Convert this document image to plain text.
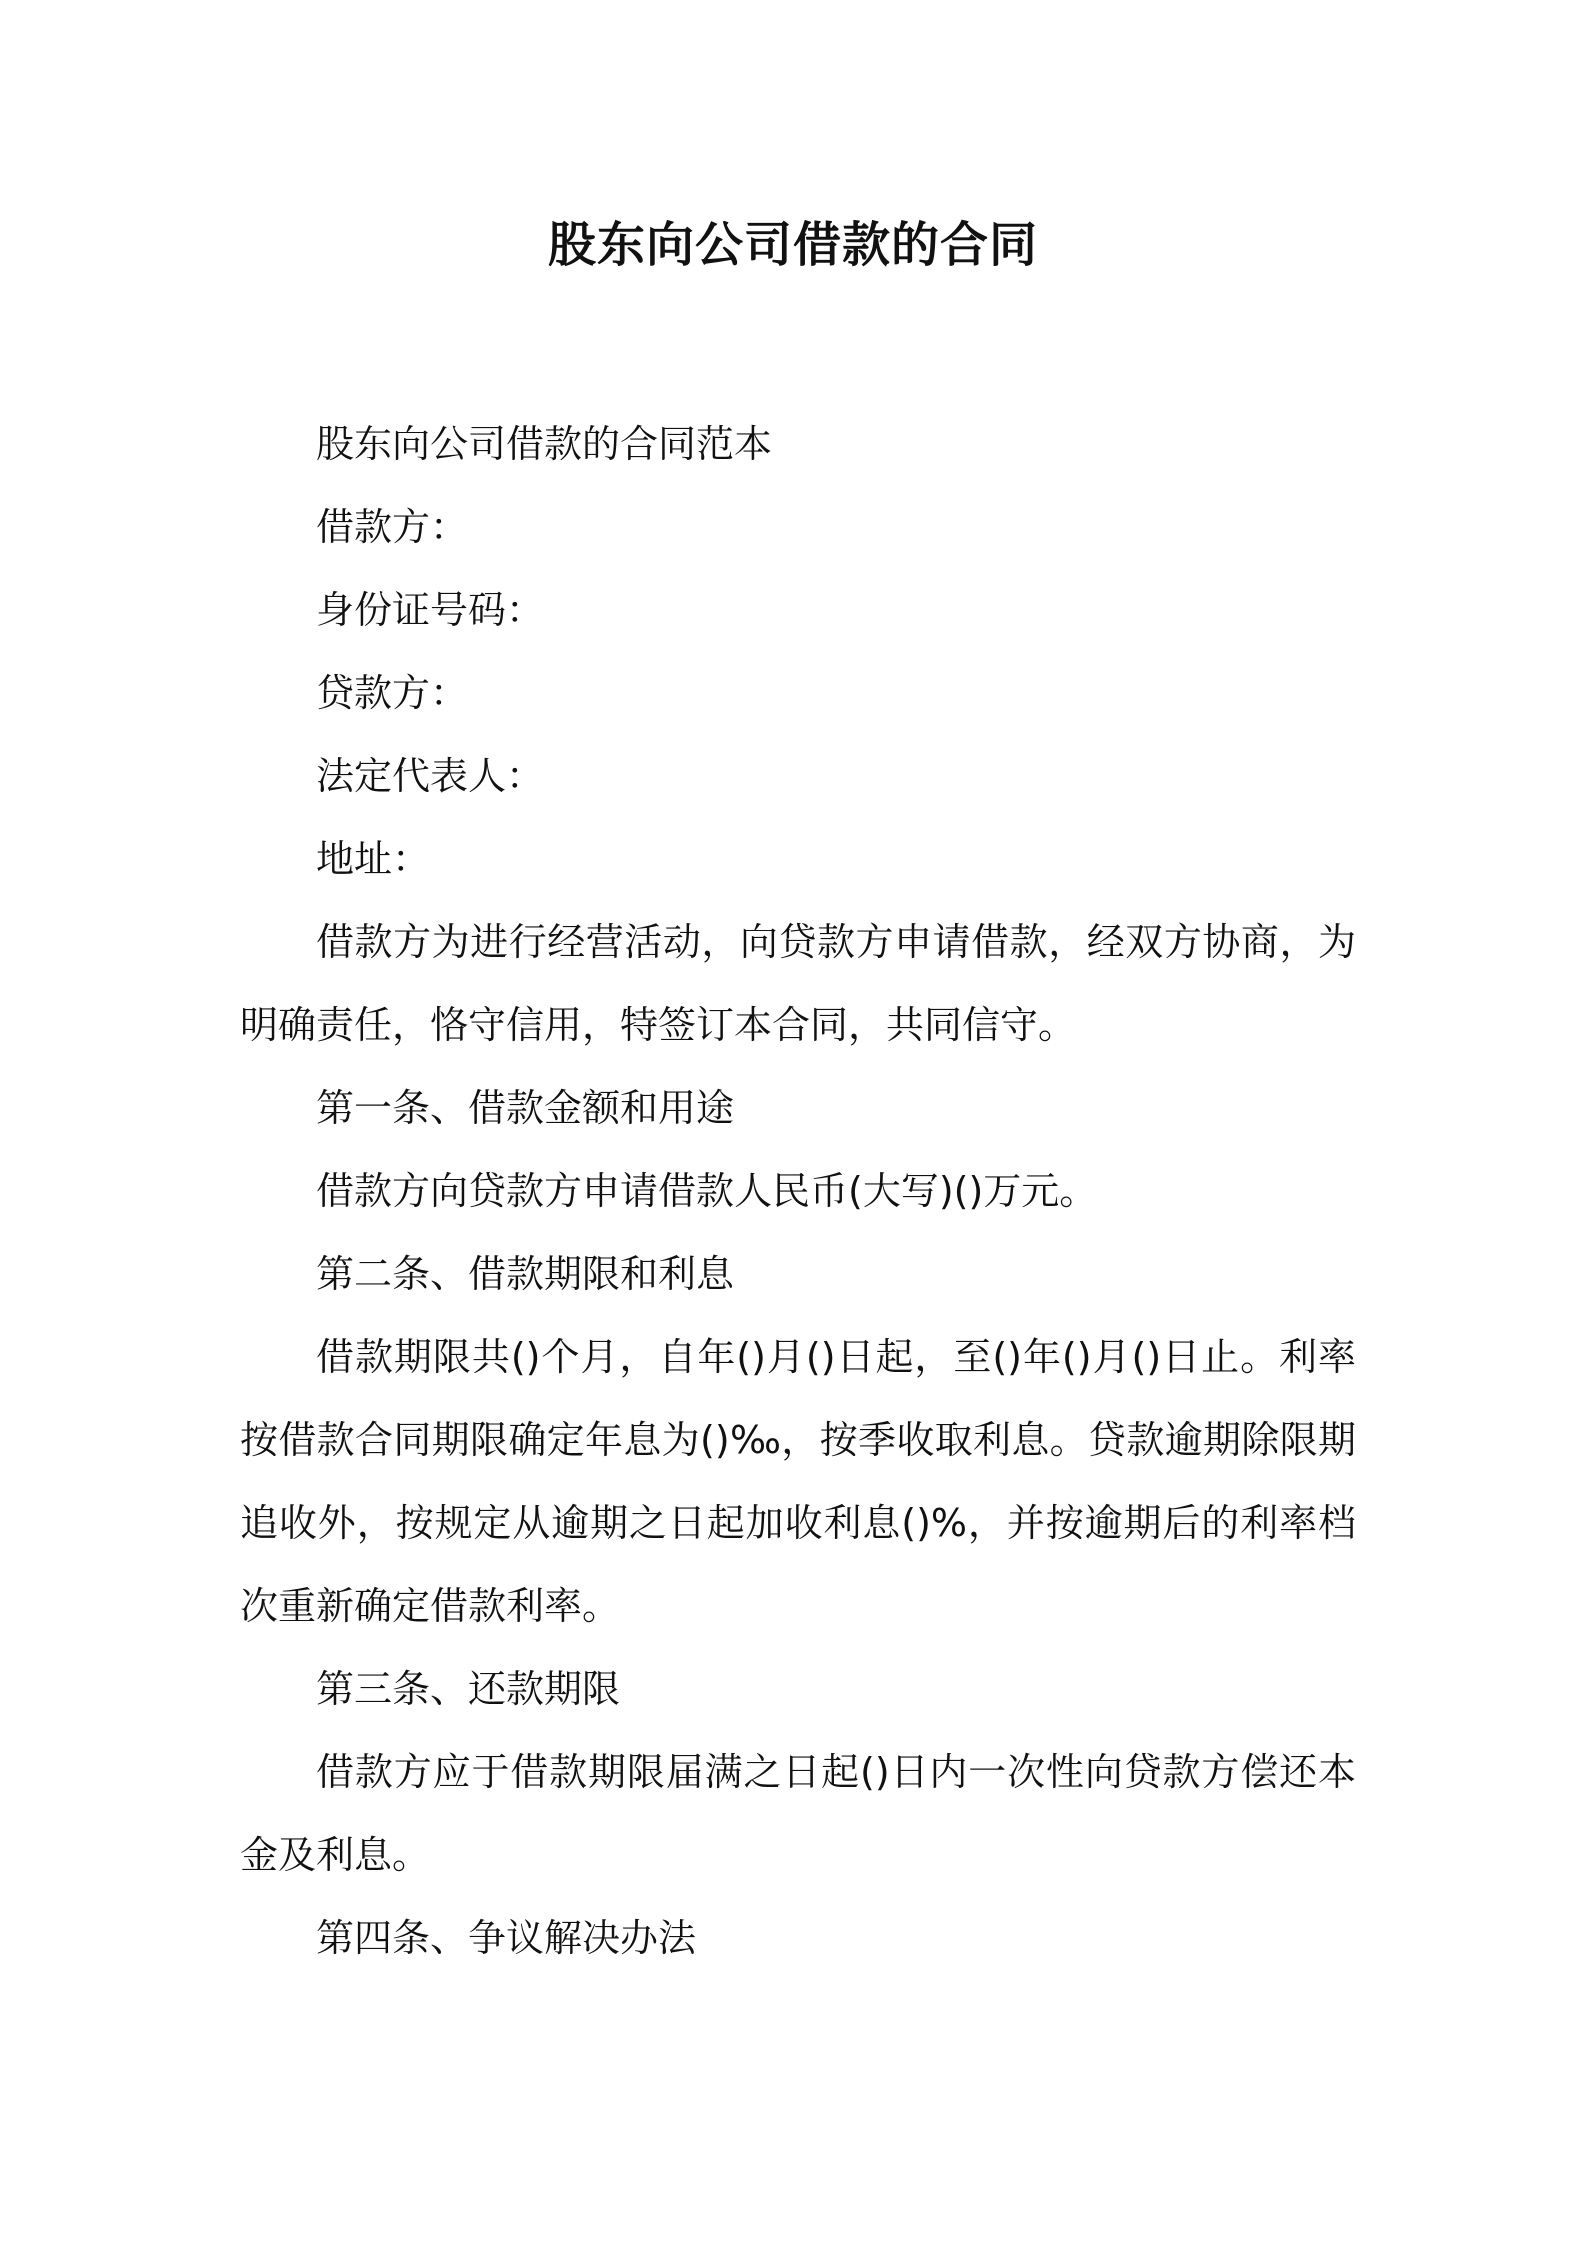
股东向公司借款的合同

股东向公司借款的合同范本

借款方：

身份证号码：

贷款方：

法定代表人：

地址：

借款方为进行经营活动，向贷款方申请借款，经双方协商，为明确责任，恪守信用，特签订本合同，共同信守。

第一条、借款金额和用途

借款方向贷款方申请借款人民币(大写)()万元。

第二条、借款期限和利息

借款期限共()个月，自年()月()日起，至()年()月()日止。利率按借款合同期限确定年息为()‰，按季收取利息。贷款逾期除限期追收外，按规定从逾期之日起加收利息()%，并按逾期后的利率档次重新确定借款利率。

第三条、还款期限

借款方应于借款期限届满之日起()日内一次性向贷款方偿还本金及利息。

第四条、争议解决办法
